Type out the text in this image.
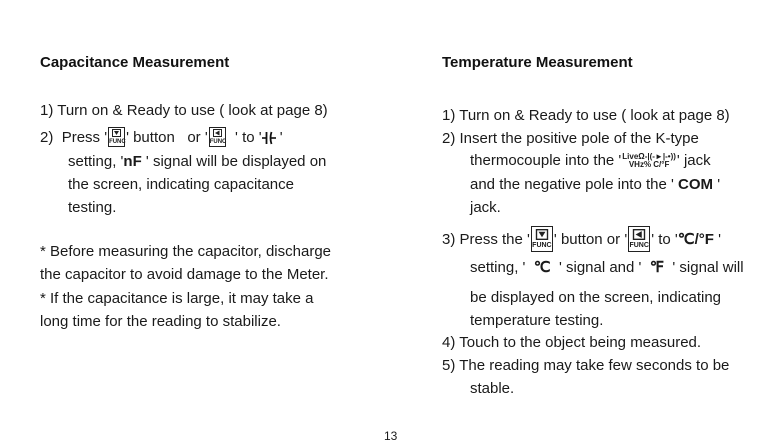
Capacitance Measurement
1) Turn on & Ready to use ( look at page 8)
2) Press ' FUNC ' button or ' FUNC ' to ' '
setting, 'nF ' signal will be displayed on
the screen, indicating capacitance
testing.
* Before measuring the capacitor, discharge
the capacitor to avoid damage to the Meter.
* If the capacitance is large, it may take a
long time for the reading to stabilize.
Temperature Measurement
1) Turn on & Ready to use ( look at page 8)
2) Insert the positive pole of the K-type
thermocouple into the ' LiveΩ-|(-►|-•))
VHz% C/°F ' jack
and the negative pole into the ' COM '
jack.
3) Press the ' FUNC ' button or ' FUNC ' to '℃/°F '
setting, ' ℃ ' signal and ' ℉ ' signal will
be displayed on the screen, indicating
temperature testing.
4) Touch to the object being measured.
5) The reading may take few seconds to be
stable.
13
